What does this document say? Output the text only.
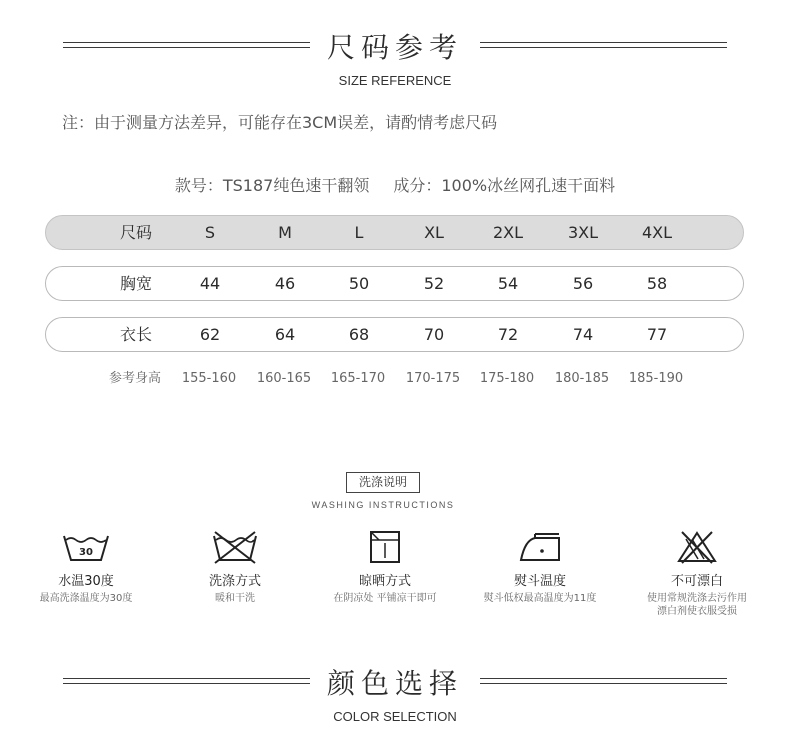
尺码参考
SIZE REFERENCE
注：由于测量方法差异，可能存在3CM误差，请酌情考虑尺码
款号：TS187纯色速干翻领 成分：100%冰丝网孔速干面料
尺码	S	M	L	XL	2XL	3XL	4XL
胸宽	44	46	50	52	54	56	58
衣长	62	64	68	70	72	74	77
参考身高	155-160	160-165	165-170	170-175	175-180	180-185	185-190
洗涤说明
WASHING INSTRUCTIONS
30
水温30度
最高洗涤温度为30度
洗涤方式
暖和干洗
晾晒方式
在阴凉处 平铺凉干即可
熨斗温度
熨斗低权最高温度为11度
不可漂白
使用常规洗涤去污作用
漂白剂使衣服受损
颜色选择
COLOR SELECTION
